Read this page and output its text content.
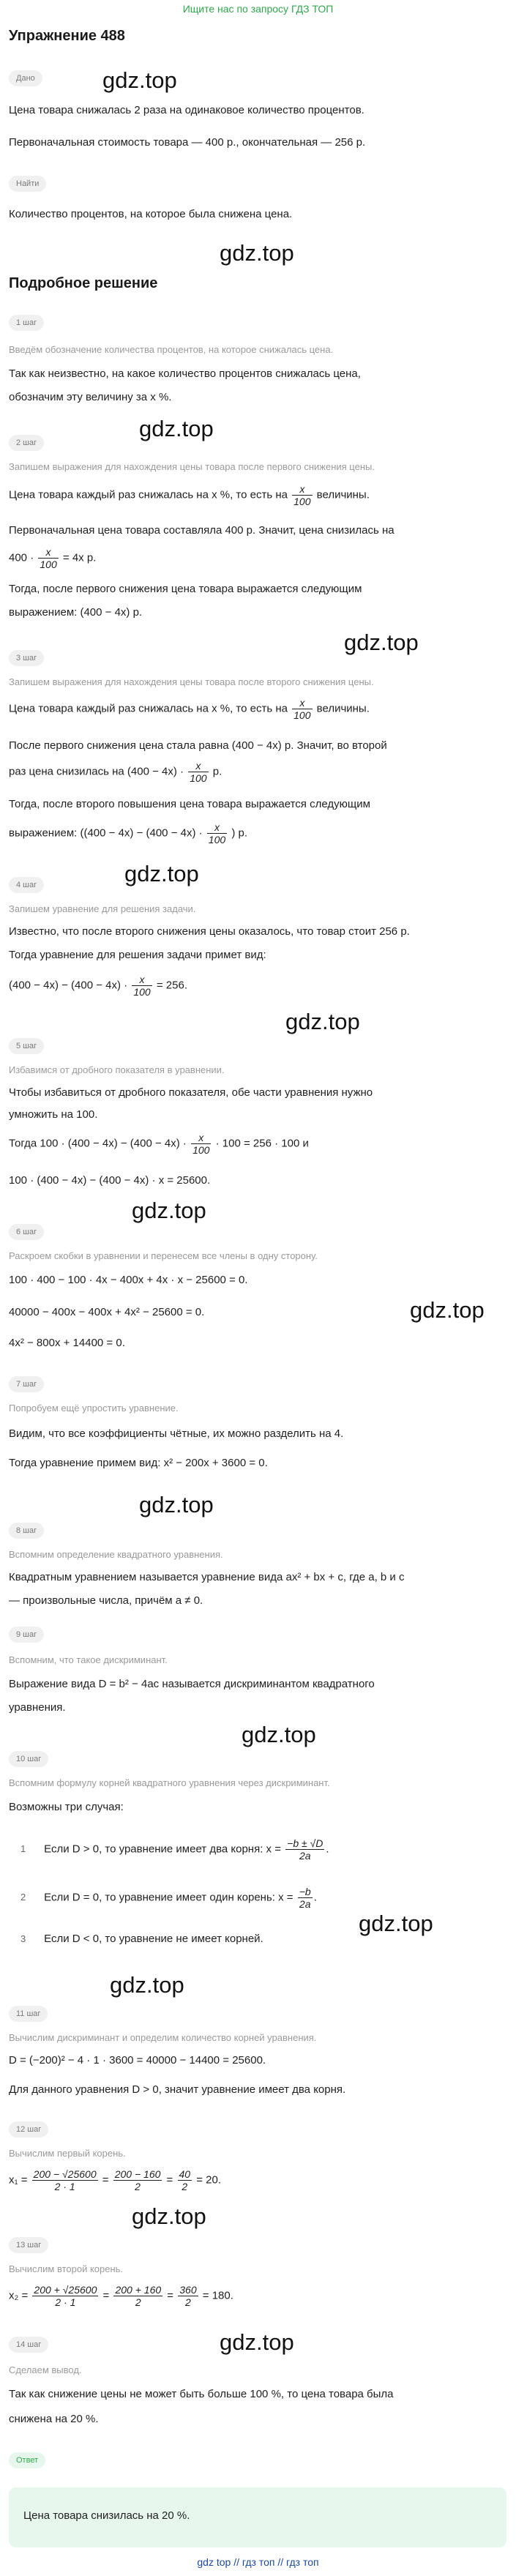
Ищите нас по запросу ГДЗ ТОП
Упражнение 488
Дано	gdz.top
Цена товара снижалась 2 раза на одинаковое количество процентов.
Первоначальная стоимость товара — 400 р., окончательная — 256 р.
Найти
Количество процентов, на которое была снижена цена.
gdz.top
Подробное решение
1 шаг
Введём обозначение количества процентов, на которое снижалась цена.
Так как неизвестно, на какое количество процентов снижалась цена,
обозначим эту величину за x %.
gdz.top
2 шаг
Запишем выражения для нахождения цены товара после первого снижения цены.
Цена товара каждый раз снижалась на x %, то есть на $\frac{x}{100}$ величины.
Первоначальная цена товара составляла 400 р. Значит, цена снизилась на
$400 \cdot \frac{x}{100} = 4x$ р.
Тогда, после первого снижения цена товара выражается следующим
выражением: (400 − 4x) р.
gdz.top
3 шаг
Запишем выражения для нахождения цены товара после второго снижения цены.
Цена товара каждый раз снижалась на x %, то есть на $\frac{x}{100}$ величины.
После первого снижения цена стала равна (400 − 4x) р. Значит, во второй
раз цена снизилась на $(400 - 4x) \cdot \frac{x}{100} р$.
Тогда, после второго повышения цена товара выражается следующим
выражением: ($(400 - 4x) - (400 - 4x) \cdot \frac{x}{100}$ ) р.
gdz.top
4 шаг
Запишем уравнение для решения задачи.
Известно, что после второго снижения цены оказалось, что товар стоит 256 р.
Тогда уравнение для решения задачи примет вид:
$(400 - 4x) - (400 - 4x) \cdot \frac{x}{100} = 256$.
gdz.top
5 шаг
Избавимся от дробного показателя в уравнении.
Чтобы избавиться от дробного показателя, обе части уравнения нужно
умножить на 100.
Тогда $100 \cdot (400 - 4x) - (400 - 4x) \cdot \frac{x}{100} \cdot 100 = 256 \cdot 100$ и
100 · (400 − 4x) − (400 − 4x) · x = 25600.
gdz.top
6 шаг
Раскроем скобки в уравнении и перенесем все члены в одну сторону.
100 · 400 − 100 · 4x − 400x + 4x · x − 25600 = 0.
40000 − 400x − 400x + 4x² − 25600 = 0.	gdz.top
4x² − 800x + 14400 = 0.
7 шаг
Попробуем ещё упростить уравнение.
Видим, что все коэффициенты чётные, их можно разделить на 4.
Тогда уравнение примем вид: x² − 200x + 3600 = 0.
gdz.top
8 шаг
Вспомним определение квадратного уравнения.
Квадратным уравнением называется уравнение вида ax² + bx + c, где a, b и c
— произвольные числа, причём a ≠ 0.
9 шаг
Вспомним, что такое дискриминант.
Выражение вида D = b² − 4ac называется дискриминантом квадратного
уравнения.
gdz.top
10 шаг
Вспомним формулу корней квадратного уравнения через дискриминант.
Возможны три случая:
1 Если D > 0, то уравнение имеет два корня: $x = \frac{-b \pm √D}{2a}$ .
2 Если D = 0, то уравнение имеет один корень: $x = \frac{-b}{2a}$ .
gdz.top
3 Если D < 0, то уравнение не имеет корней.
gdz.top
11 шаг
Вычислим дискриминант и определим количество корней уравнения.
D = (−200)² − 4 · 1 · 3600 = 40000 − 14400 = 25600.
Для данного уравнения D > 0, значит уравнение имеет два корня.
12 шаг
Вычислим первый корень.
$x_1 = \frac{200 - √25600}{2 \cdot 1} = \frac{200 - 160}{2} = \frac{40}{2} = 20$.
gdz.top
13 шаг
Вычислим второй корень.
$x_2 = \frac{200 + √25600}{2 \cdot 1} = \frac{200 + 160}{2} = \frac{360}{2} = 180$.
14 шаг	gdz.top
Сделаем вывод.
Так как снижение цены не может быть больше 100 %, то цена товара была
снижена на 20 %.
Ответ
Цена товара снизилась на 20 %.
gdz top // гдз топ // гдз топ
